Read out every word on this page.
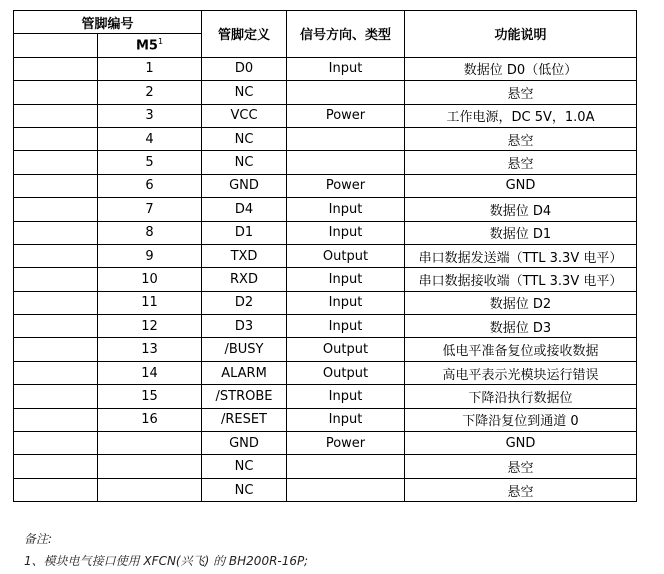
管脚编号		管脚定义	信号方向、类型	功能说明
	$M5^1$
	1	D0	Input	数据位 D0（低位）
	2	NC		悬空
	3	VCC	Power	工作电源，DC 5V，1.0A
	4	NC		悬空
	5	NC		悬空
	6	GND	Power	GND
	7	D4	Input	数据位 D4
	8	D1	Input	数据位 D1
	9	TXD	Output	串口数据发送端（TTL 3.3V 电平）
	10	RXD	Input	串口数据接收端（TTL 3.3V 电平）
	11	D2	Input	数据位 D2
	12	D3	Input	数据位 D3
	13	/BUSY	Output	低电平准备复位或接收数据
	14	ALARM	Output	高电平表示光模块运行错误
	15	/STROBE	Input	下降沿执行数据位
	16	/RESET	Input	下降沿复位到通道 0
		GND	Power	GND
		NC		悬空
		NC		悬空
备注:
1、模块电气接口使用 XFCN(兴飞) 的 BH200R-16P;
